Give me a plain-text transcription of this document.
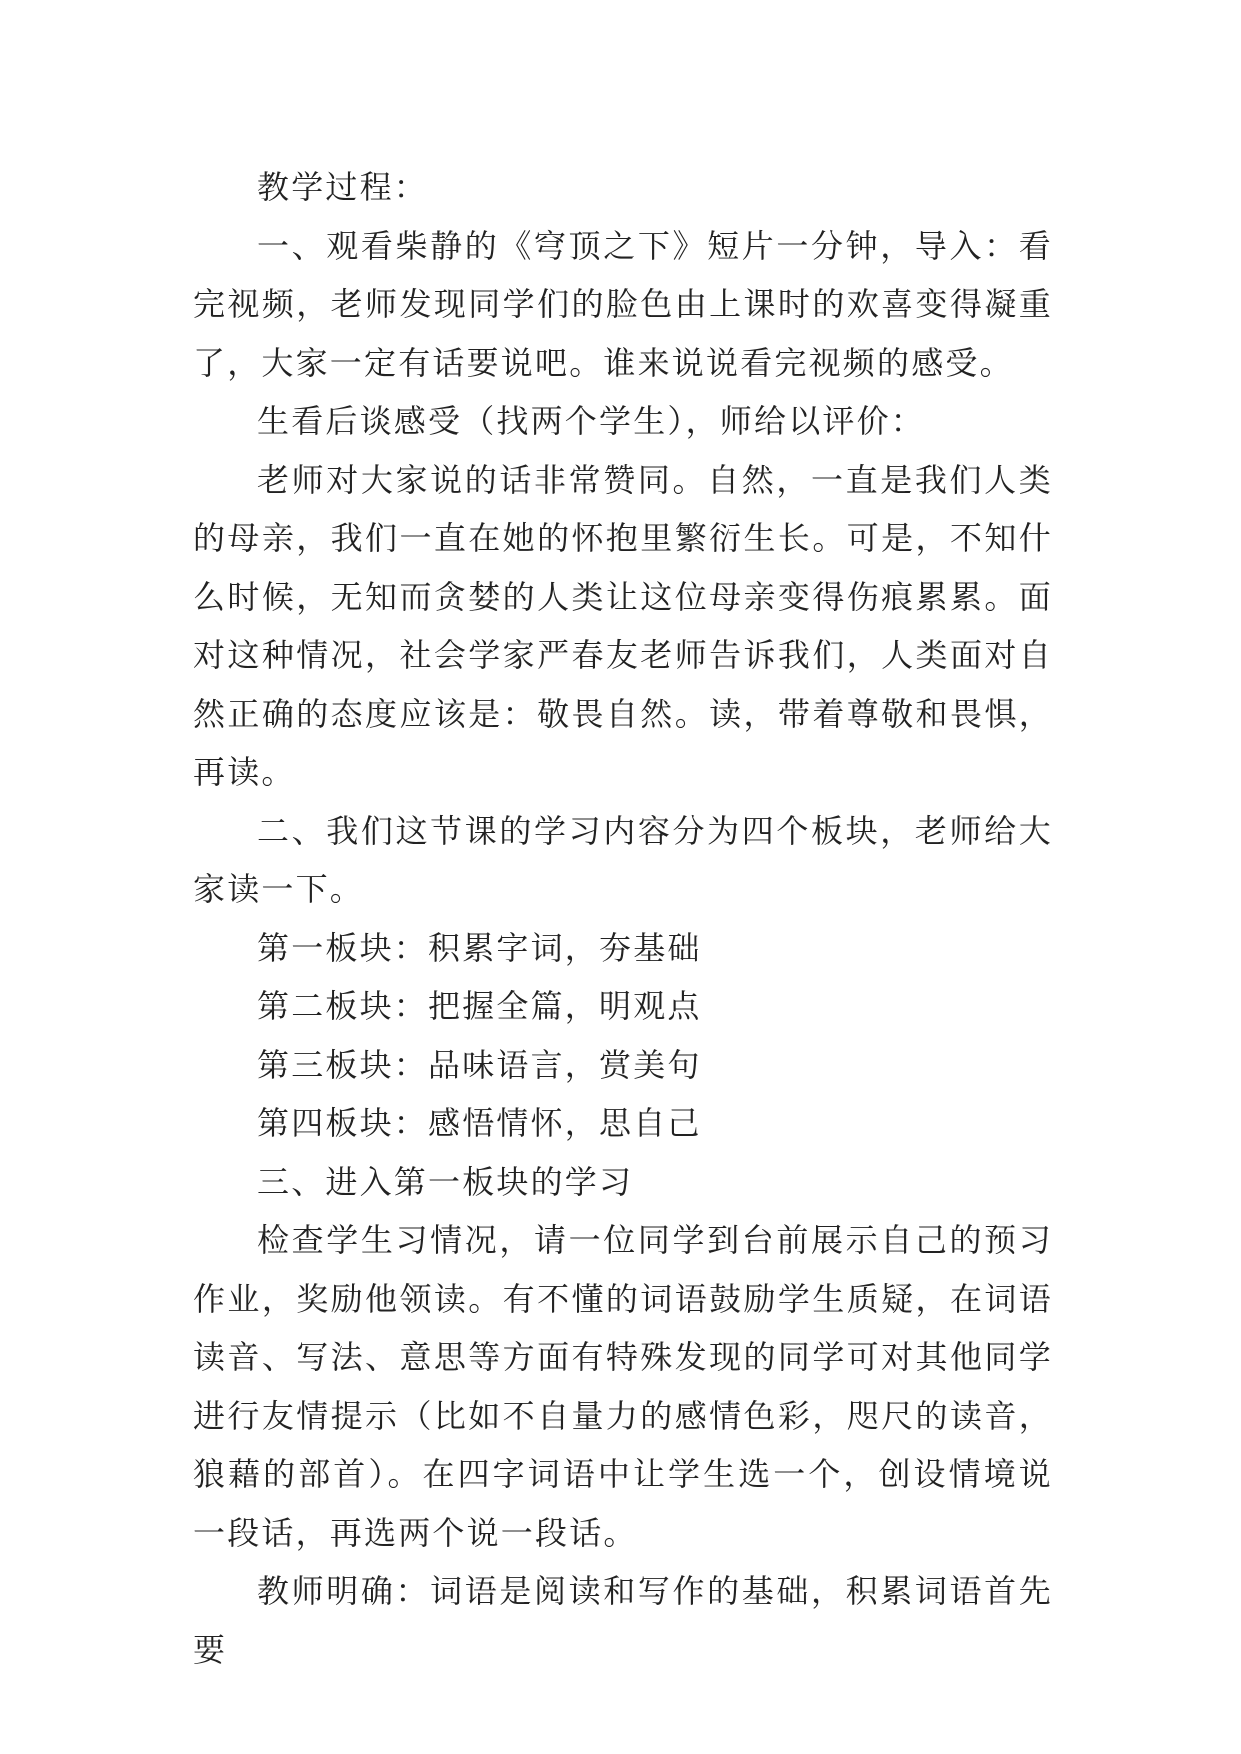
教学过程：

一、观看柴静的《穹顶之下》短片一分钟，导入：看完视频，老师发现同学们的脸色由上课时的欢喜变得凝重了，大家一定有话要说吧。谁来说说看完视频的感受。

生看后谈感受（找两个学生），师给以评价：

老师对大家说的话非常赞同。自然，一直是我们人类的母亲，我们一直在她的怀抱里繁衍生长。可是，不知什么时候，无知而贪婪的人类让这位母亲变得伤痕累累。面对这种情况，社会学家严春友老师告诉我们，人类面对自然正确的态度应该是：敬畏自然。读，带着尊敬和畏惧，再读。

二、我们这节课的学习内容分为四个板块，老师给大家读一下。

第一板块：积累字词，夯基础

第二板块：把握全篇，明观点

第三板块：品味语言，赏美句

第四板块：感悟情怀，思自己

三、进入第一板块的学习

检查学生习情况，请一位同学到台前展示自己的预习作业，奖励他领读。有不懂的词语鼓励学生质疑，在词语读音、写法、意思等方面有特殊发现的同学可对其他同学进行友情提示（比如不自量力的感情色彩，咫尺的读音，狼藉的部首）。在四字词语中让学生选一个，创设情境说一段话，再选两个说一段话。

教师明确：词语是阅读和写作的基础，积累词语首先要
